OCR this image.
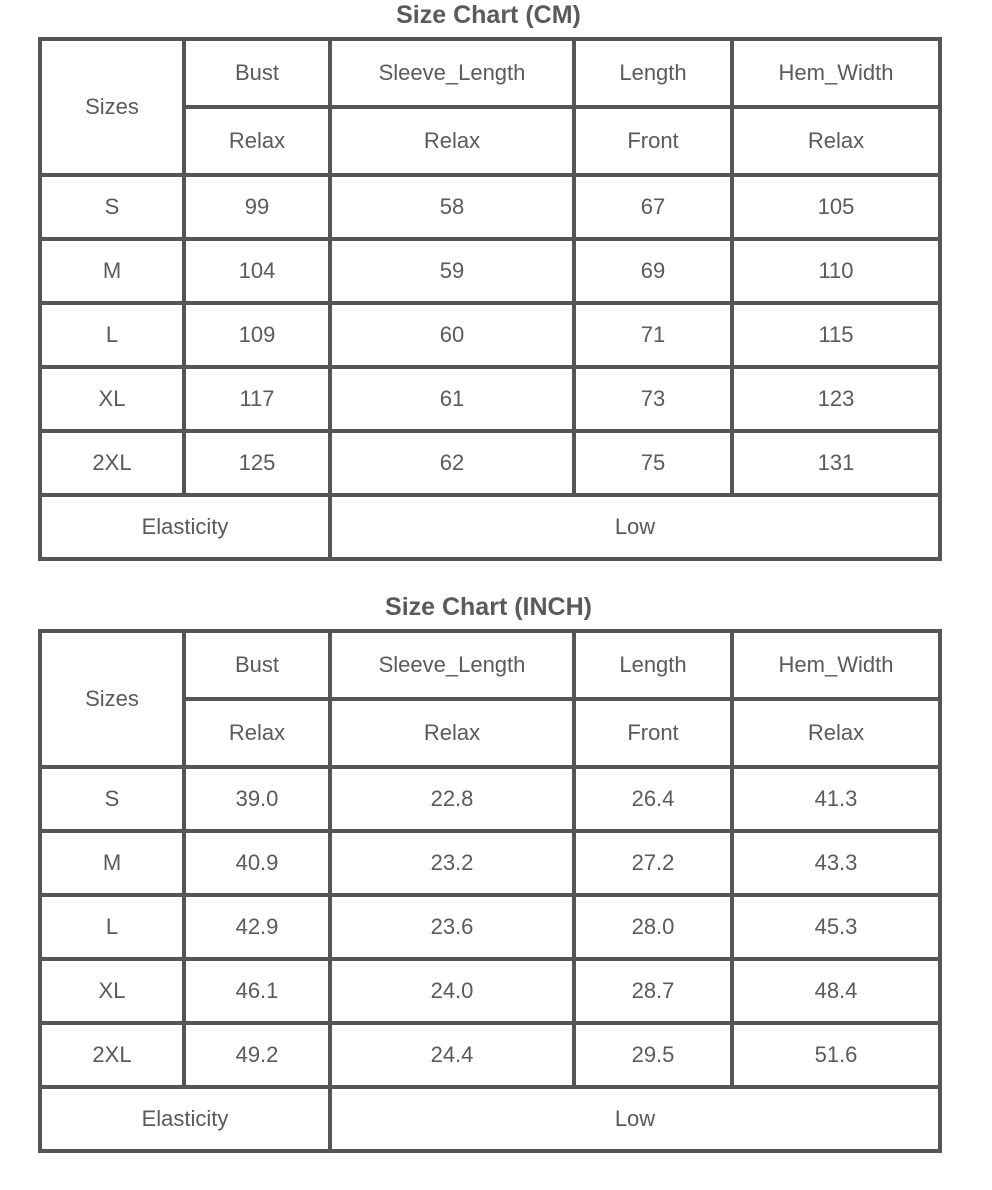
Size Chart (CM)
Sizes	Bust	Sleeve_Length	Length	Hem_Width
	Relax	Relax	Front	Relax
S	99	58	67	105
M	104	59	69	110
L	109	60	71	115
XL	117	61	73	123
2XL	125	62	75	131
Elasticity		Low		
Size Chart (INCH)
Sizes	Bust	Sleeve_Length	Length	Hem_Width
	Relax	Relax	Front	Relax
S	39.0	22.8	26.4	41.3
M	40.9	23.2	27.2	43.3
L	42.9	23.6	28.0	45.3
XL	46.1	24.0	28.7	48.4
2XL	49.2	24.4	29.5	51.6
Elasticity		Low		
